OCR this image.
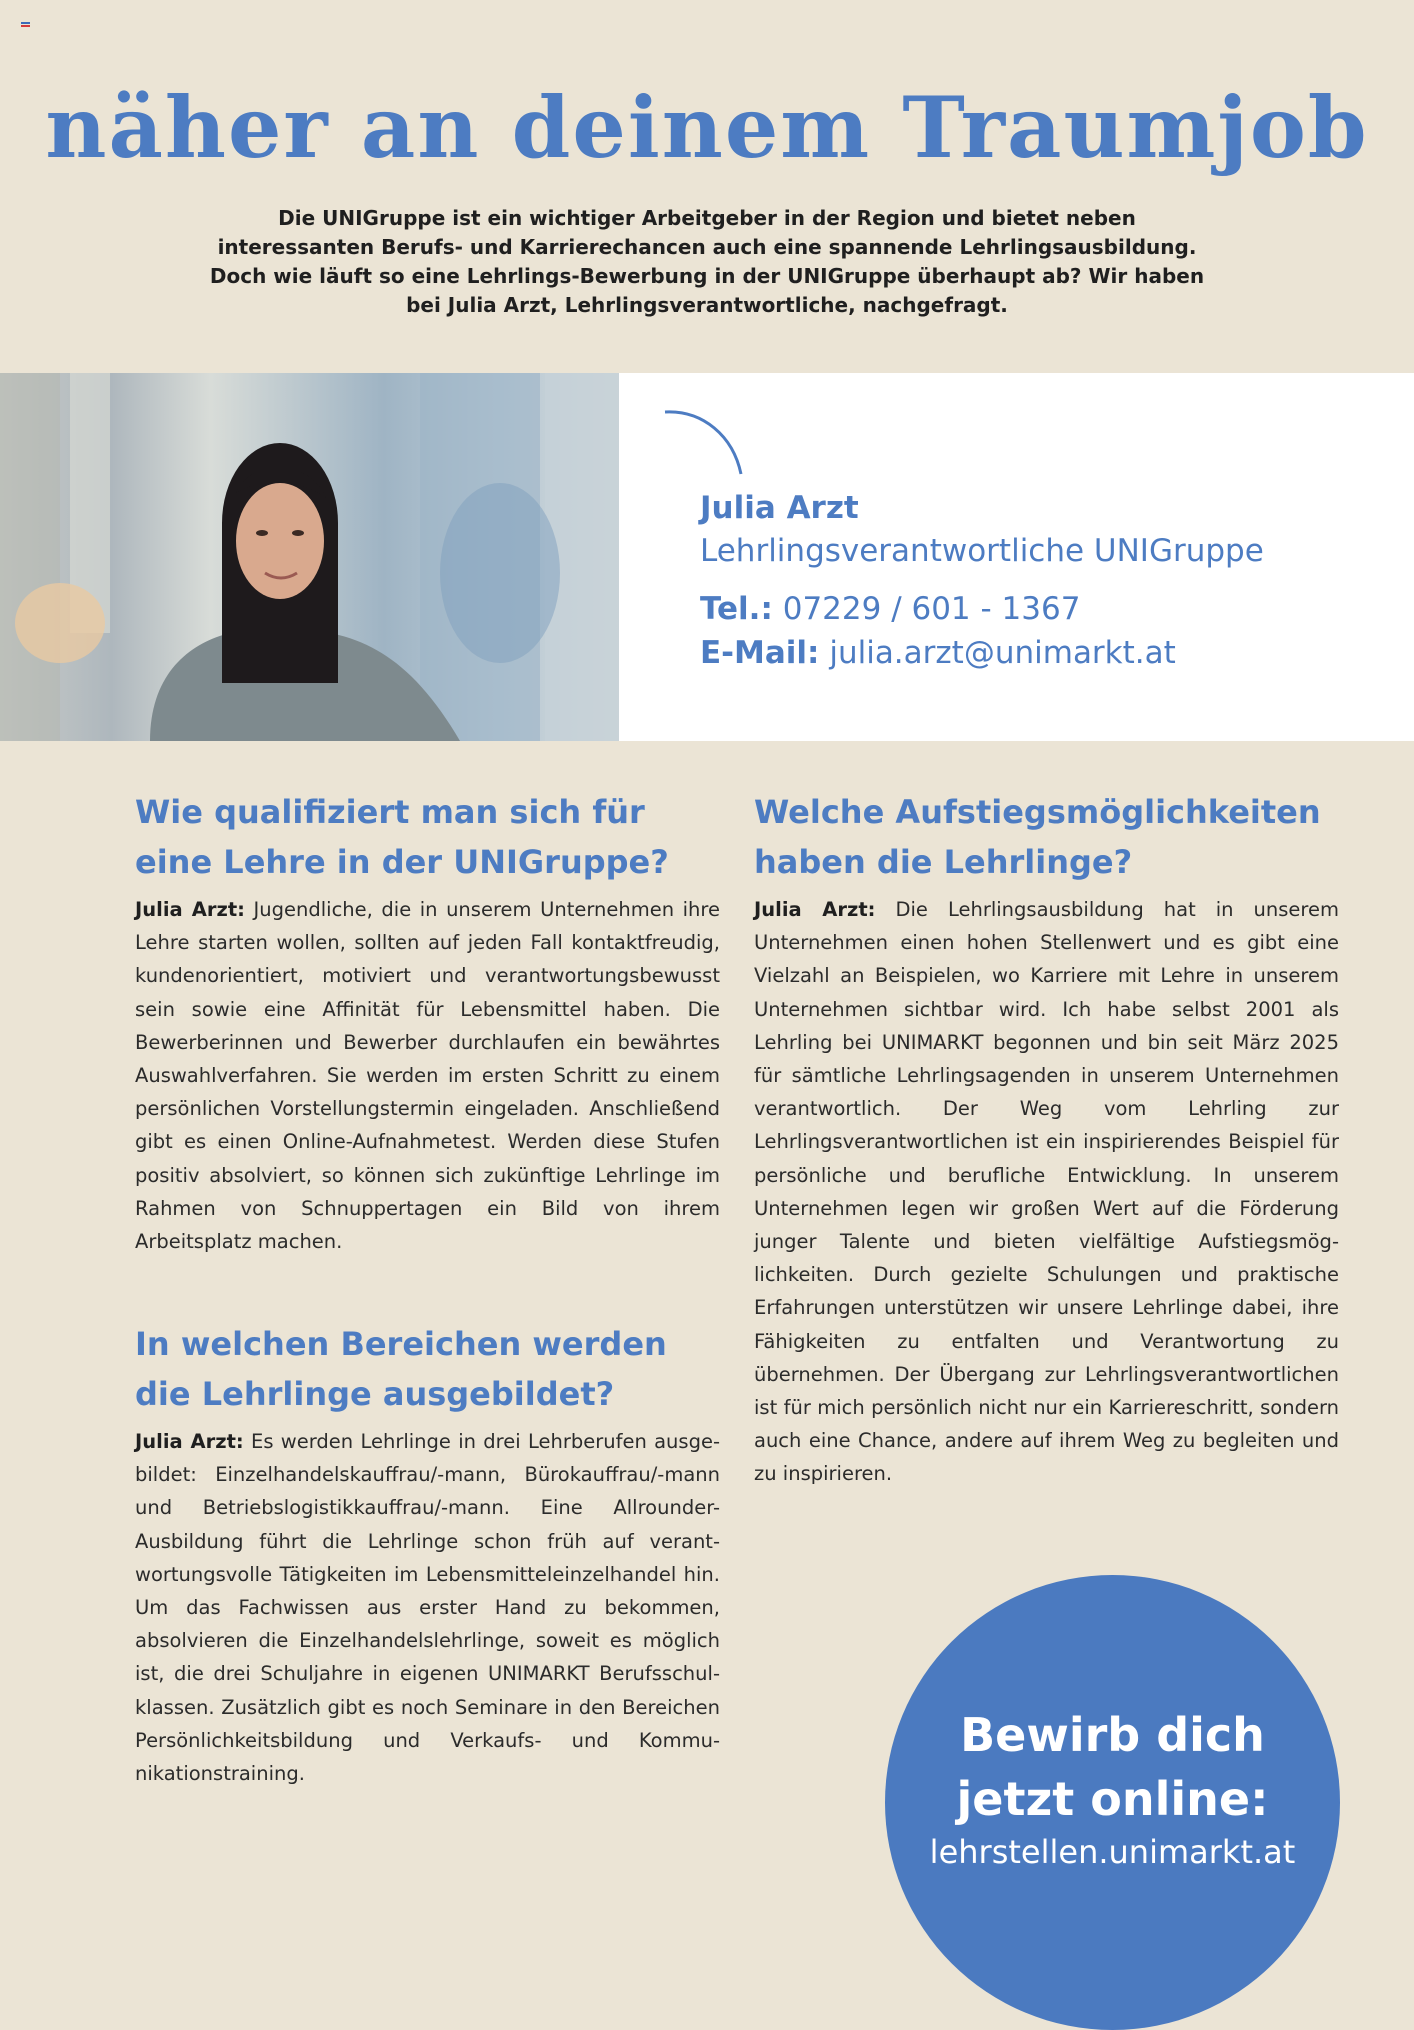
näher an deinem Traumjob

Die UNIGruppe ist ein wichtiger Arbeitgeber in der Region und bietet neben interessanten Berufs- und Karrierechancen auch eine spannende Lehrlingsausbildung. Doch wie läuft so eine Lehrlings-Bewerbung in der UNIGruppe überhaupt ab? Wir haben bei Julia Arzt, Lehrlingsverantwortliche, nachgefragt.

Julia Arzt
Lehrlingsverantwortliche UNIGruppe
Tel.: 07229 / 601 - 1367
E-Mail: julia.arzt@unimarkt.at
Wie qualifiziert man sich für eine Lehre in der UNIGruppe?

Julia Arzt: Jugendliche, die in unserem Unternehmen ihre Lehre starten wollen, sollten auf jeden Fall kontaktfreudig, kundenorientiert, motiviert und verantwortungsbewusst sein sowie eine Affinität für Lebensmittel haben. Die Bewerberinnen und Bewerber durchlaufen ein bewährtes Auswahlverfahren. Sie werden im ersten Schritt zu einem persönlichen Vorstellungstermin eingeladen. Anschließend gibt es einen Online-Aufnahmetest. Werden diese Stufen positiv absolviert, so können sich zukünftige Lehrlinge im Rahmen von Schnuppertagen ein Bild von ihrem Arbeitsplatz machen.

In welchen Bereichen werden die Lehrlinge ausgebildet?

Julia Arzt: Es werden Lehrlinge in drei Lehrberufen ausgebildet: Einzelhandelskauffrau/-mann, Bürokauffrau/-mann und Betriebslogistikkauffrau/-mann. Eine Allrounder-Ausbildung führt die Lehrlinge schon früh auf verantwortungsvolle Tätigkeiten im Lebensmitteleinzelhandel hin. Um das Fachwissen aus erster Hand zu bekommen, absolvieren die Einzelhandelslehrlinge, soweit es möglich ist, die drei Schuljahre in eigenen UNIMARKT Berufsschulklassen. Zusätzlich gibt es noch Seminare in den Bereichen Persönlichkeitsbildung und Verkaufs- und Kommunikationstraining.

Welche Aufstiegsmöglichkeiten haben die Lehrlinge?

Julia Arzt: Die Lehrlingsausbildung hat in unserem Unternehmen einen hohen Stellenwert und es gibt eine Vielzahl an Beispielen, wo Karriere mit Lehre in unserem Unternehmen sichtbar wird. Ich habe selbst 2001 als Lehrling bei UNIMARKT begonnen und bin seit März 2025 für sämtliche Lehrlingsagenden in unserem Unternehmen verantwortlich. Der Weg vom Lehrling zur Lehrlingsverantwortlichen ist ein inspirierendes Beispiel für persönliche und berufliche Entwicklung. In unserem Unternehmen legen wir großen Wert auf die Förderung junger Talente und bieten vielfältige Aufstiegsmöglichkeiten. Durch gezielte Schulungen und praktische Erfahrungen unterstützen wir unsere Lehrlinge dabei, ihre Fähigkeiten zu entfalten und Verantwortung zu übernehmen. Der Übergang zur Lehrlingsverantwortlichen ist für mich persönlich nicht nur ein Karriereschritt, sondern auch eine Chance, andere auf ihrem Weg zu begleiten und zu inspirieren.

Bewirb dich
jetzt online:
lehrstellen.unimarkt.at
